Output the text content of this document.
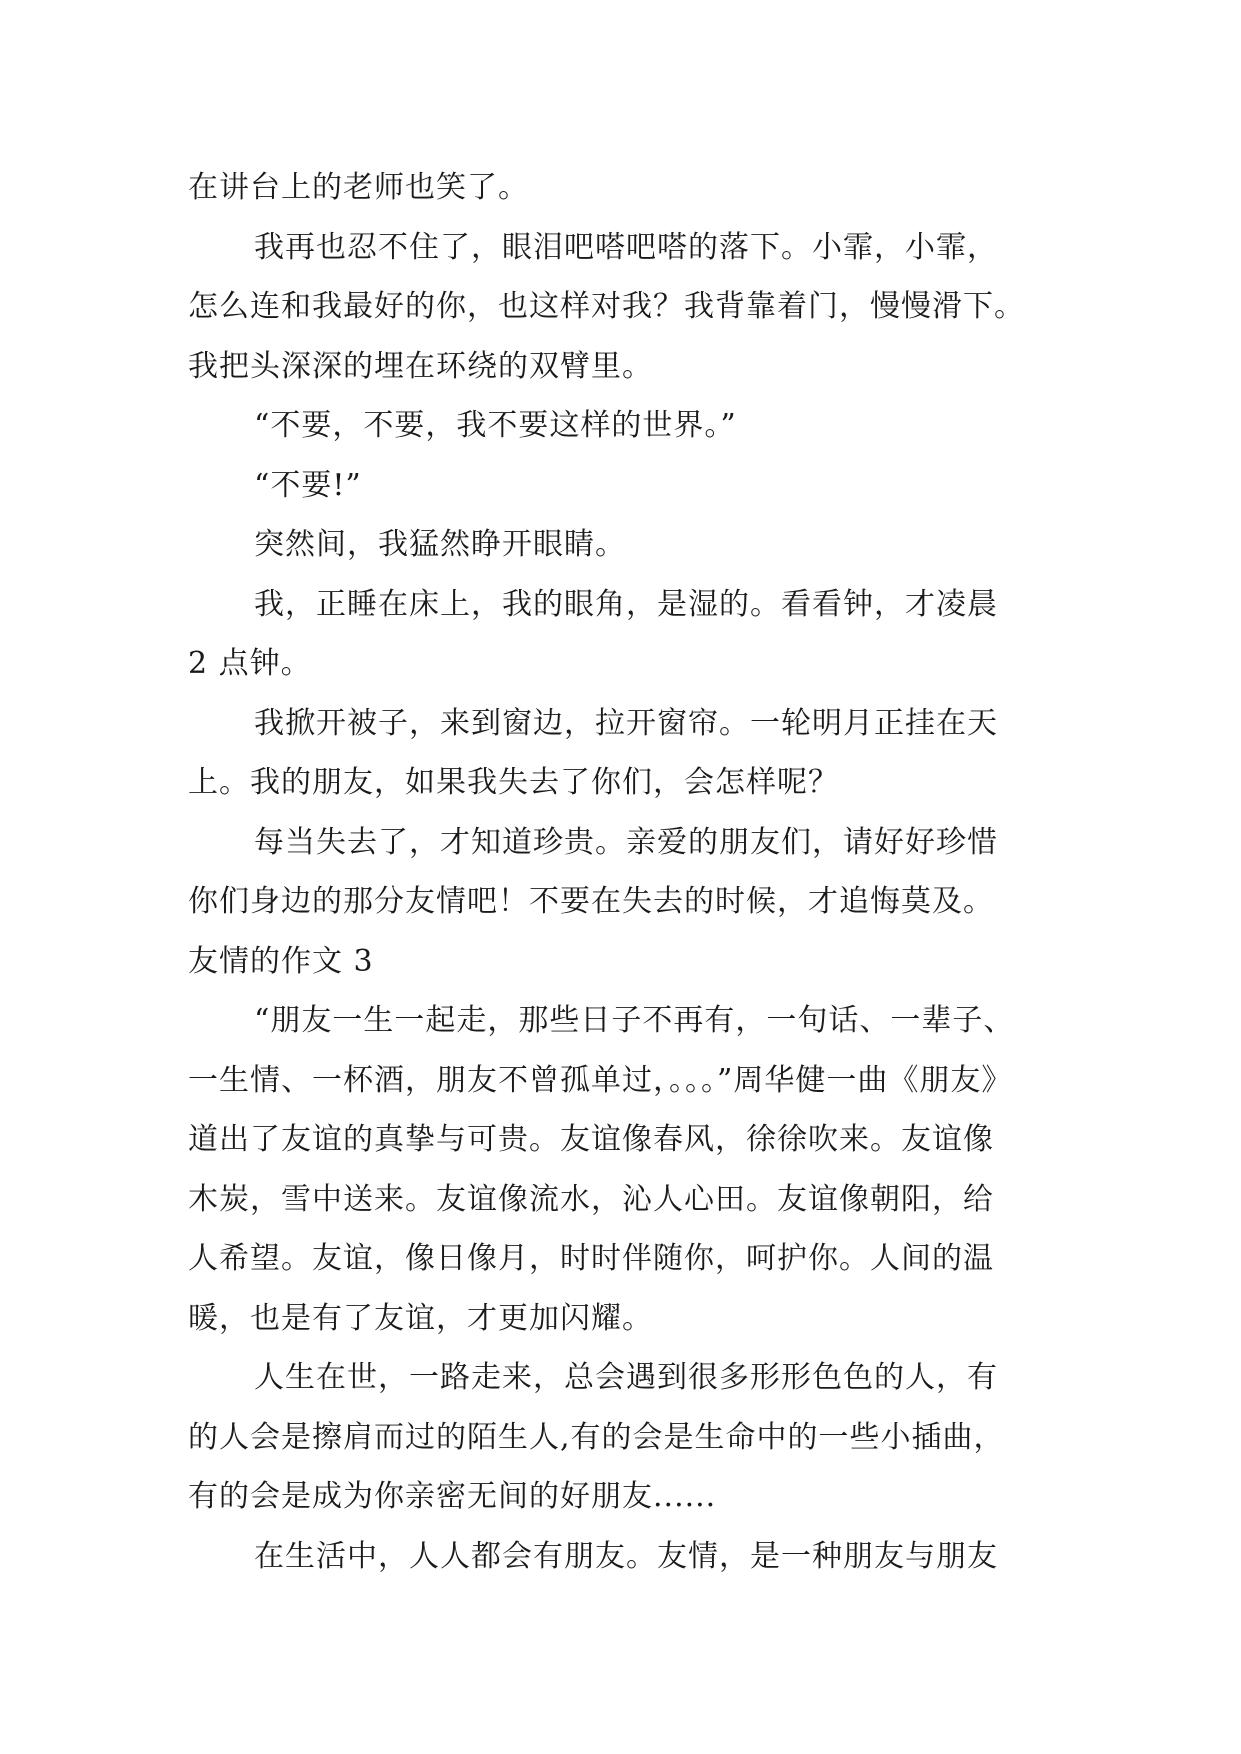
在讲台上的老师也笑了。
我再也忍不住了，眼泪吧嗒吧嗒的落下。小霏，小霏，
怎么连和我最好的你，也这样对我？我背靠着门，慢慢滑下。
我把头深深的埋在环绕的双臂里。
“不要，不要，我不要这样的世界。”
“不要!”
突然间，我猛然睁开眼睛。
我，正睡在床上，我的眼角，是湿的。看看钟，才凌晨
2 点钟。
我掀开被子，来到窗边，拉开窗帘。一轮明月正挂在天
上。我的朋友，如果我失去了你们，会怎样呢？
每当失去了，才知道珍贵。亲爱的朋友们，请好好珍惜
你们身边的那分友情吧！不要在失去的时候，才追悔莫及。
友情的作文 3
“朋友一生一起走，那些日子不再有，一句话、一辈子、
一生情、一杯酒，朋友不曾孤单过，。。。”周华健一曲《朋友》
道出了友谊的真挚与可贵。友谊像春风，徐徐吹来。友谊像
木炭，雪中送来。友谊像流水，沁人心田。友谊像朝阳，给
人希望。友谊，像日像月，时时伴随你，呵护你。人间的温
暖，也是有了友谊，才更加闪耀。
人生在世，一路走来，总会遇到很多形形色色的人，有
的人会是擦肩而过的陌生人,有的会是生命中的一些小插曲，
有的会是成为你亲密无间的好朋友......
在生活中，人人都会有朋友。友情，是一种朋友与朋友
